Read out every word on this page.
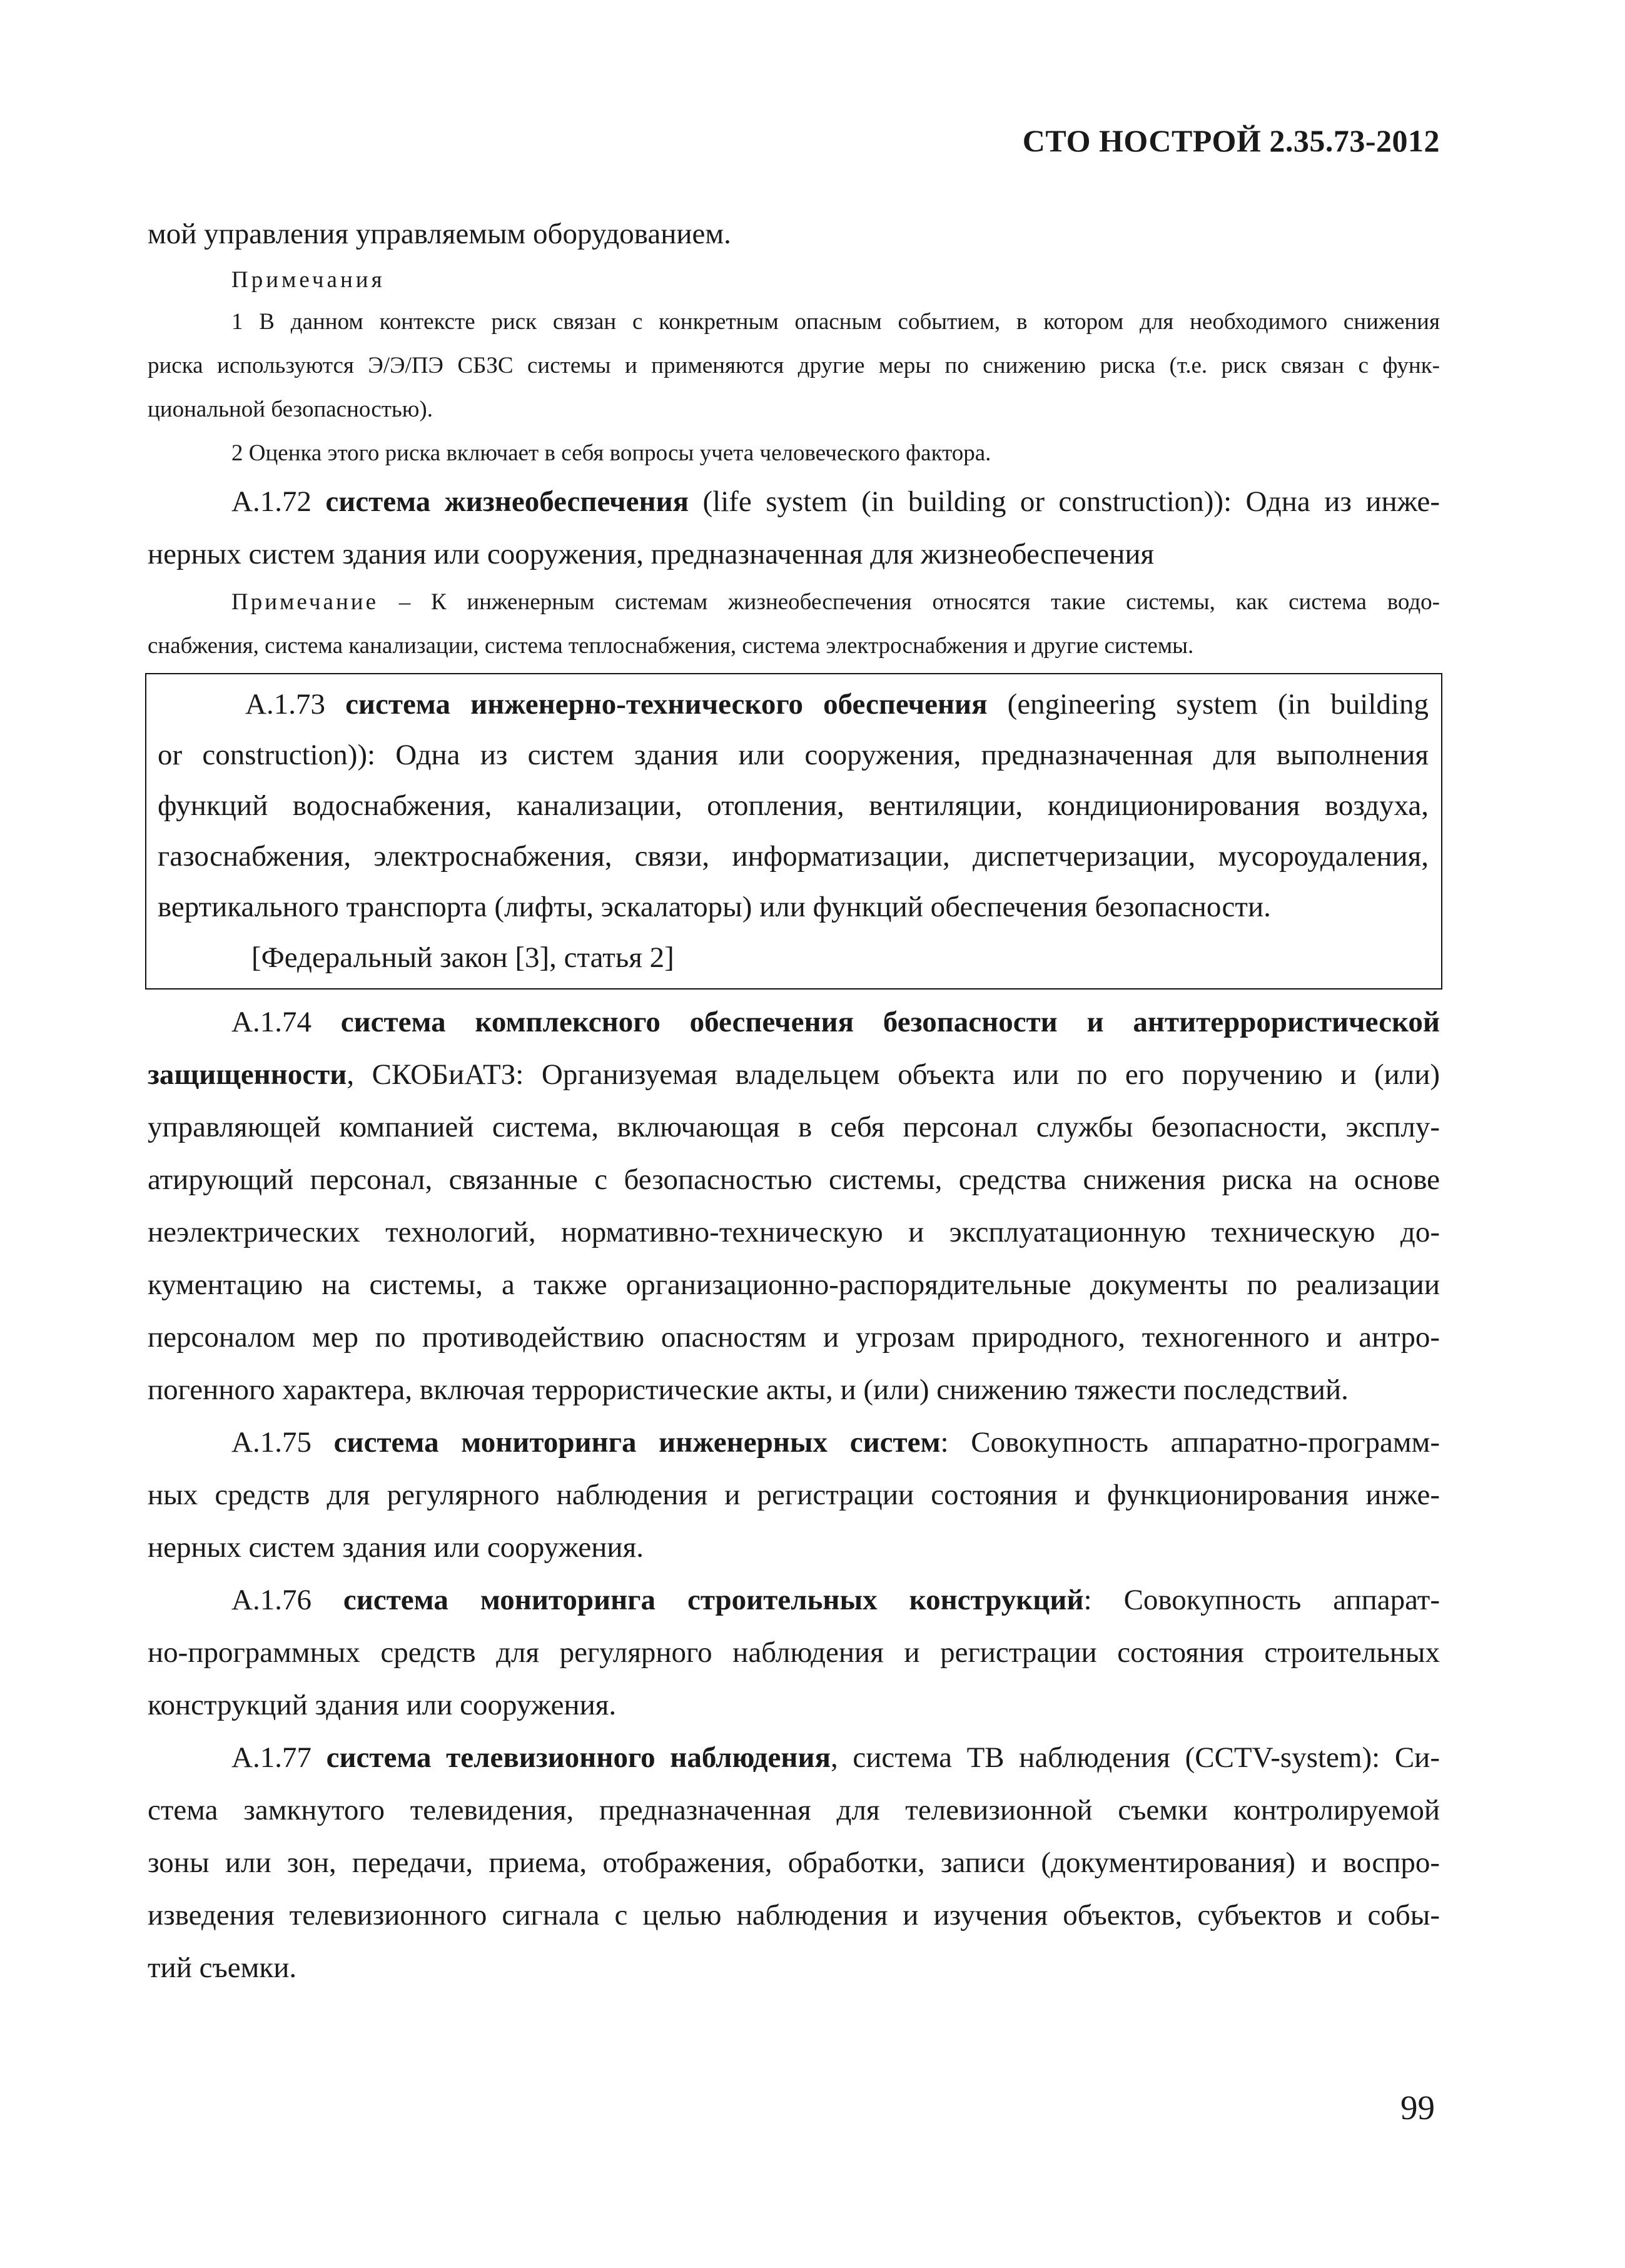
СТО НОСТРОЙ 2.35.73-2012
мой управления управляемым оборудованием.
Примечания
1 В данном контексте риск связан с конкретным опасным событием, в котором для необходимого снижения
риска используются Э/Э/ПЭ СБЗС системы и применяются другие меры по снижению риска (т.е. риск связан с функ-
циональной безопасностью).
2 Оценка этого риска включает в себя вопросы учета человеческого фактора.
А.1.72 система жизнеобеспечения (life system (in building or construction)): Одна из инже-
нерных систем здания или сооружения, предназначенная для жизнеобеспечения
Примечание – К инженерным системам жизнеобеспечения относятся такие системы, как система водо-
снабжения, система канализации, система теплоснабжения, система электроснабжения и другие системы.
А.1.73 система инженерно-технического обеспечения (engineering system (in building
or construction)): Одна из систем здания или сооружения, предназначенная для выполнения
функций водоснабжения, канализации, отопления, вентиляции, кондиционирования воздуха,
газоснабжения, электроснабжения, связи, информатизации, диспетчеризации, мусороудаления,
вертикального транспорта (лифты, эскалаторы) или функций обеспечения безопасности.
[Федеральный закон [3], статья 2]
А.1.74 система комплексного обеспечения безопасности и антитеррористической
защищенности, СКОБиАТЗ: Организуемая владельцем объекта или по его поручению и (или)
управляющей компанией система, включающая в себя персонал службы безопасности, эксплу-
атирующий персонал, связанные с безопасностью системы, средства снижения риска на основе
неэлектрических технологий, нормативно-техническую и эксплуатационную техническую до-
кументацию на системы, а также организационно-распорядительные документы по реализации
персоналом мер по противодействию опасностям и угрозам природного, техногенного и антро-
погенного характера, включая террористические акты, и (или) снижению тяжести последствий.
А.1.75 система мониторинга инженерных систем: Совокупность аппаратно-программ-
ных средств для регулярного наблюдения и регистрации состояния и функционирования инже-
нерных систем здания или сооружения.
А.1.76 система мониторинга строительных конструкций: Совокупность аппарат-
но-программных средств для регулярного наблюдения и регистрации состояния строительных
конструкций здания или сооружения.
А.1.77 система телевизионного наблюдения, система ТВ наблюдения (CCTV-system): Си-
стема замкнутого телевидения, предназначенная для телевизионной съемки контролируемой
зоны или зон, передачи, приема, отображения, обработки, записи (документирования) и воспро-
изведения телевизионного сигнала с целью наблюдения и изучения объектов, субъектов и собы-
тий съемки.
99
